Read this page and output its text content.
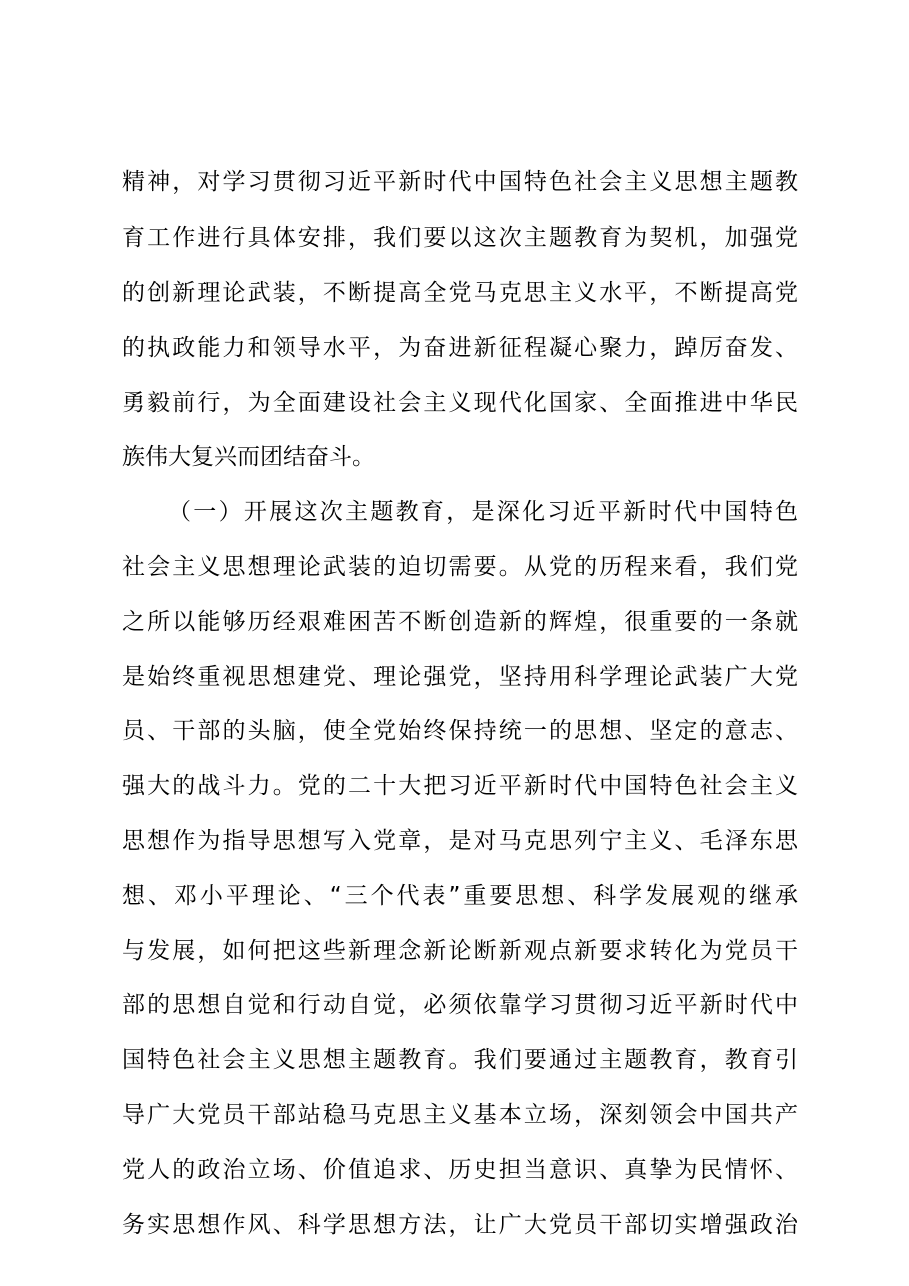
精神，对学习贯彻习近平新时代中国特色社会主义思想主题教
育工作进行具体安排，我们要以这次主题教育为契机，加强党
的创新理论武装，不断提高全党马克思主义水平，不断提高党
的执政能力和领导水平，为奋进新征程凝心聚力，踔厉奋发、
勇毅前行，为全面建设社会主义现代化国家、全面推进中华民
族伟大复兴而团结奋斗。
（一）开展这次主题教育，是深化习近平新时代中国特色
社会主义思想理论武装的迫切需要。从党的历程来看，我们党
之所以能够历经艰难困苦不断创造新的辉煌，很重要的一条就
是始终重视思想建党、理论强党，坚持用科学理论武装广大党
员、干部的头脑，使全党始终保持统一的思想、坚定的意志、
强大的战斗力。党的二十大把习近平新时代中国特色社会主义
思想作为指导思想写入党章，是对马克思列宁主义、毛泽东思
想、邓小平理论、“三个代表”重要思想、科学发展观的继承
与发展，如何把这些新理念新论断新观点新要求转化为党员干
部的思想自觉和行动自觉，必须依靠学习贯彻习近平新时代中
国特色社会主义思想主题教育。我们要通过主题教育，教育引
导广大党员干部站稳马克思主义基本立场，深刻领会中国共产
党人的政治立场、价值追求、历史担当意识、真挚为民情怀、
务实思想作风、科学思想方法，让广大党员干部切实增强政治
